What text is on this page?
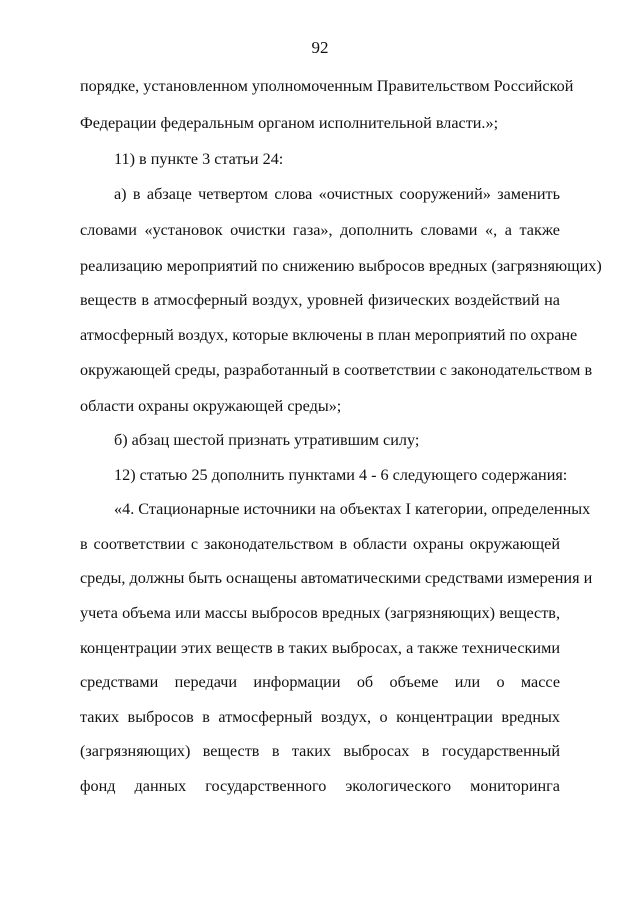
92
порядке, установленном уполномоченным Правительством Российской
Федерации федеральным органом исполнительной власти.»;
11) в пункте 3 статьи 24:
а) в абзаце четвертом слова «очистных сооружений» заменить
словами «установок очистки газа», дополнить словами «, а также
реализацию мероприятий по снижению выбросов вредных (загрязняющих)
веществ в атмосферный воздух, уровней физических воздействий на
атмосферный воздух, которые включены в план мероприятий по охране
окружающей среды, разработанный в соответствии с законодательством в
области охраны окружающей среды»;
б) абзац шестой признать утратившим силу;
12) статью 25 дополнить пунктами 4 - 6 следующего содержания:
«4. Стационарные источники на объектах I категории, определенных
в соответствии с законодательством в области охраны окружающей
среды, должны быть оснащены автоматическими средствами измерения и
учета объема или массы выбросов вредных (загрязняющих) веществ,
концентрации этих веществ в таких выбросах, а также техническими
средствами передачи информации об объеме или о массе
таких выбросов в атмосферный воздух, о концентрации вредных
(загрязняющих) веществ в таких выбросах в государственный
фонд данных государственного экологического мониторинга
